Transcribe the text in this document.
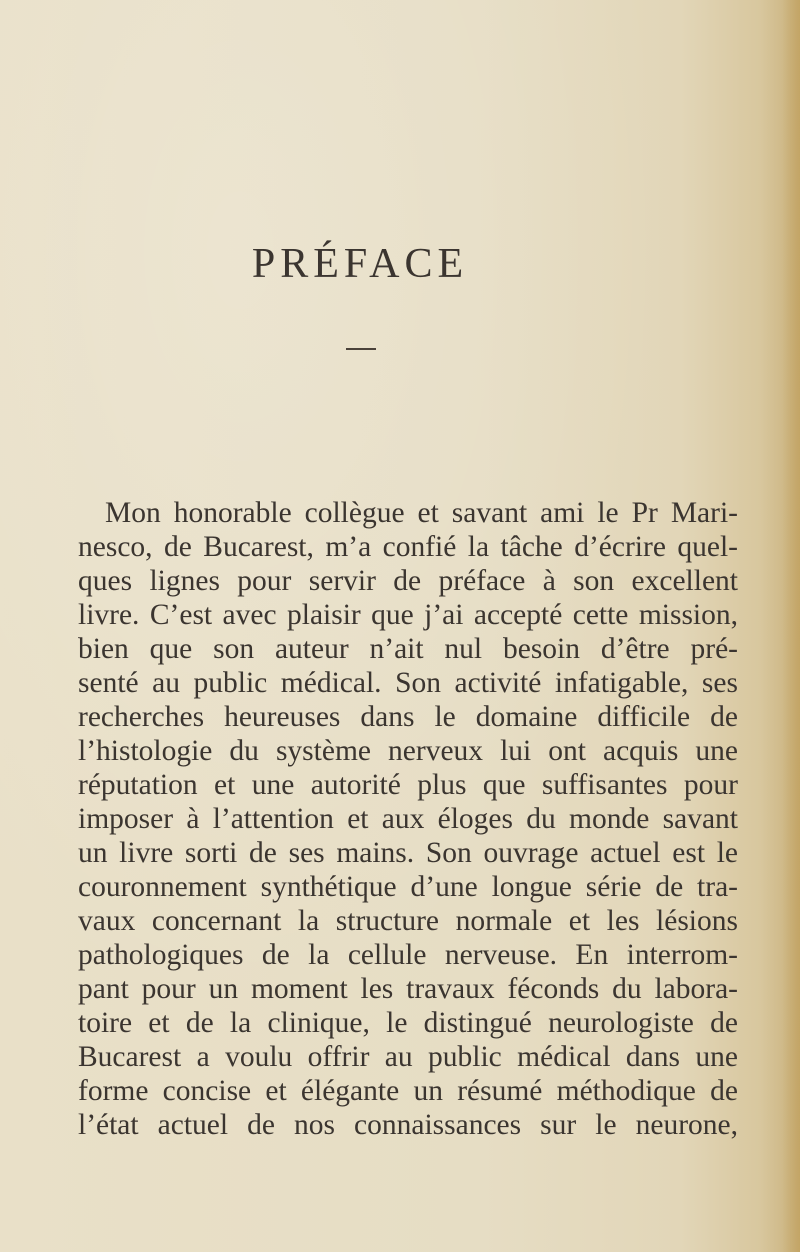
PRÉFACE
Mon honorable collègue et savant ami le Pr Mari-
nesco, de Bucarest, m’a confié la tâche d’écrire quel-
ques lignes pour servir de préface à son excellent
livre. C’est avec plaisir que j’ai accepté cette mission,
bien que son auteur n’ait nul besoin d’être pré-
senté au public médical. Son activité infatigable, ses
recherches heureuses dans le domaine difficile de
l’histologie du système nerveux lui ont acquis une
réputation et une autorité plus que suffisantes pour
imposer à l’attention et aux éloges du monde savant
un livre sorti de ses mains. Son ouvrage actuel est le
couronnement synthétique d’une longue série de tra-
vaux concernant la structure normale et les lésions
pathologiques de la cellule nerveuse. En interrom-
pant pour un moment les travaux féconds du labora-
toire et de la clinique, le distingué neurologiste de
Bucarest a voulu offrir au public médical dans une
forme concise et élégante un résumé méthodique de
l’état actuel de nos connaissances sur le neurone,
